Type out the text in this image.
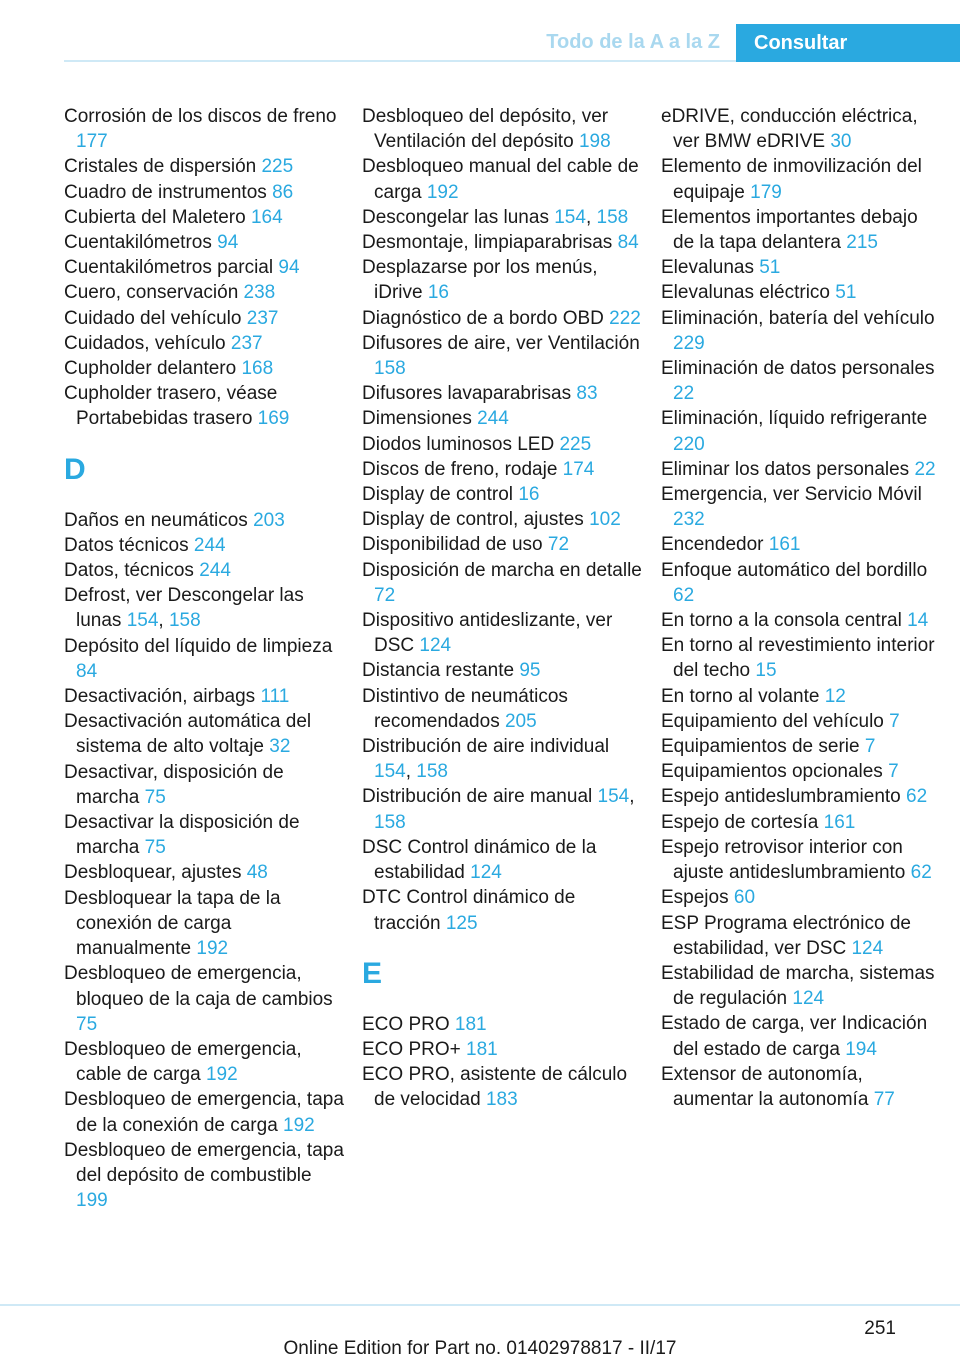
Todo de la A a la Z	Consultar
Corrosión de los discos de freno 177
Cristales de dispersión 225
Cuadro de instrumentos 86
Cubierta del Maletero 164
Cuentakilómetros 94
Cuentakilómetros parcial 94
Cuero, conservación 238
Cuidado del vehículo 237
Cuidados, vehículo 237
Cupholder delantero 168
Cupholder trasero, véase Portabebidas trasero 169
D
Daños en neumáticos 203
Datos técnicos 244
Datos, técnicos 244
Defrost, ver Descongelar las lunas 154, 158
Depósito del líquido de limpieza 84
Desactivación, airbags 111
Desactivación automática del sistema de alto voltaje 32
Desactivar, disposición de marcha 75
Desactivar la disposición de marcha 75
Desbloquear, ajustes 48
Desbloquear la tapa de la conexión de carga manualmente 192
Desbloqueo de emergencia, bloqueo de la caja de cambios 75
Desbloqueo de emergencia, cable de carga 192
Desbloqueo de emergencia, tapa de la conexión de carga 192
Desbloqueo de emergencia, tapa del depósito de combustible 199
Desbloqueo del depósito, ver Ventilación del depósito 198
Desbloqueo manual del cable de carga 192
Descongelar las lunas 154, 158
Desmontaje, limpiaparabrisas 84
Desplazarse por los menús, iDrive 16
Diagnóstico de a bordo OBD 222
Difusores de aire, ver Ventilación 158
Difusores lavaparabrisas 83
Dimensiones 244
Diodos luminosos LED 225
Discos de freno, rodaje 174
Display de control 16
Display de control, ajustes 102
Disponibilidad de uso 72
Disposición de marcha en detalle 72
Dispositivo antideslizante, ver DSC 124
Distancia restante 95
Distintivo de neumáticos recomendados 205
Distribución de aire individual 154, 158
Distribución de aire manual 154, 158
DSC Control dinámico de la estabilidad 124
DTC Control dinámico de tracción 125
E
ECO PRO 181
ECO PRO+ 181
ECO PRO, asistente de cálculo de velocidad 183
eDRIVE, conducción eléctrica, ver BMW eDRIVE 30
Elemento de inmovilización del equipaje 179
Elementos importantes debajo de la tapa delantera 215
Elevalunas 51
Elevalunas eléctrico 51
Eliminación, batería del vehículo 229
Eliminación de datos personales 22
Eliminación, líquido refrigerante 220
Eliminar los datos personales 22
Emergencia, ver Servicio Móvil 232
Encendedor 161
Enfoque automático del bordillo 62
En torno a la consola central 14
En torno al revestimiento interior del techo 15
En torno al volante 12
Equipamiento del vehículo 7
Equipamientos de serie 7
Equipamientos opcionales 7
Espejo antideslumbramiento 62
Espejo de cortesía 161
Espejo retrovisor interior con ajuste antideslumbramiento 62
Espejos 60
ESP Programa electrónico de estabilidad, ver DSC 124
Estabilidad de marcha, sistemas de regulación 124
Estado de carga, ver Indicación del estado de carga 194
Extensor de autonomía, aumentar la autonomía 77
251
Online Edition for Part no. 01402978817 - II/17
